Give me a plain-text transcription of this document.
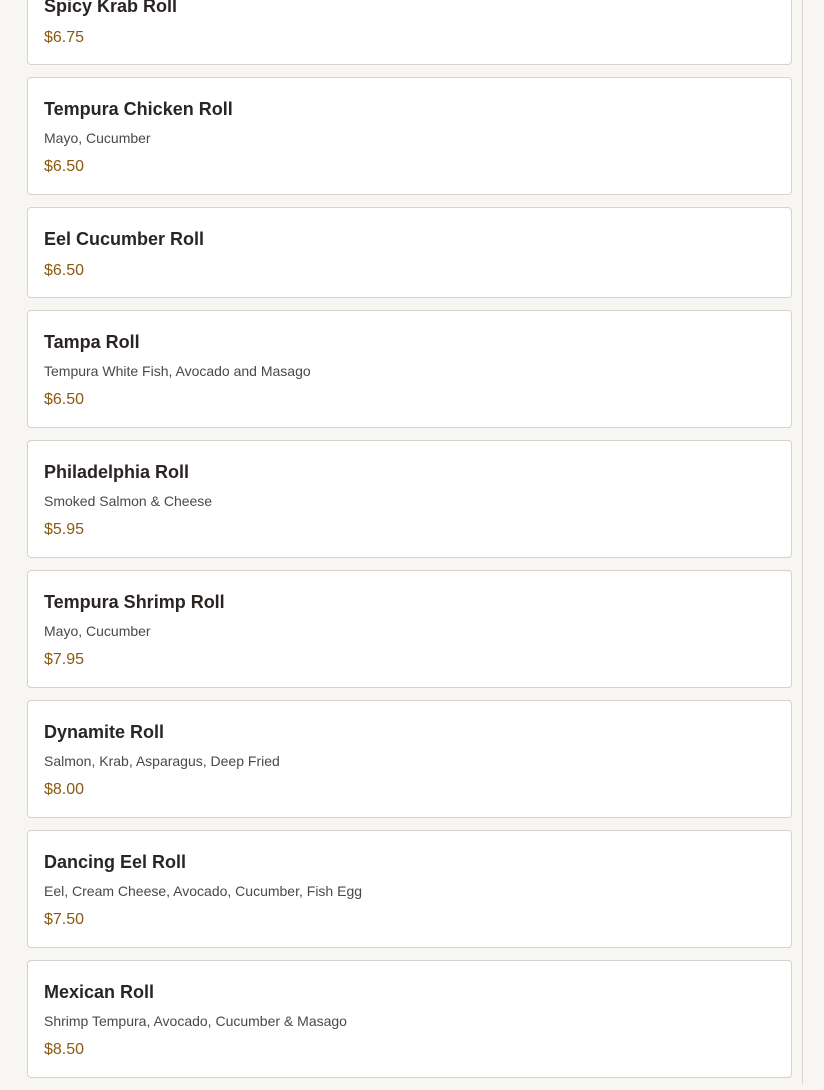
Spicy Krab Roll
$6.75
Tempura Chicken Roll
Mayo, Cucumber
$6.50
Eel Cucumber Roll
$6.50
Tampa Roll
Tempura White Fish, Avocado and Masago
$6.50
Philadelphia Roll
Smoked Salmon & Cheese
$5.95
Tempura Shrimp Roll
Mayo, Cucumber
$7.95
Dynamite Roll
Salmon, Krab, Asparagus, Deep Fried
$8.00
Dancing Eel Roll
Eel, Cream Cheese, Avocado, Cucumber, Fish Egg
$7.50
Mexican Roll
Shrimp Tempura, Avocado, Cucumber & Masago
$8.50
